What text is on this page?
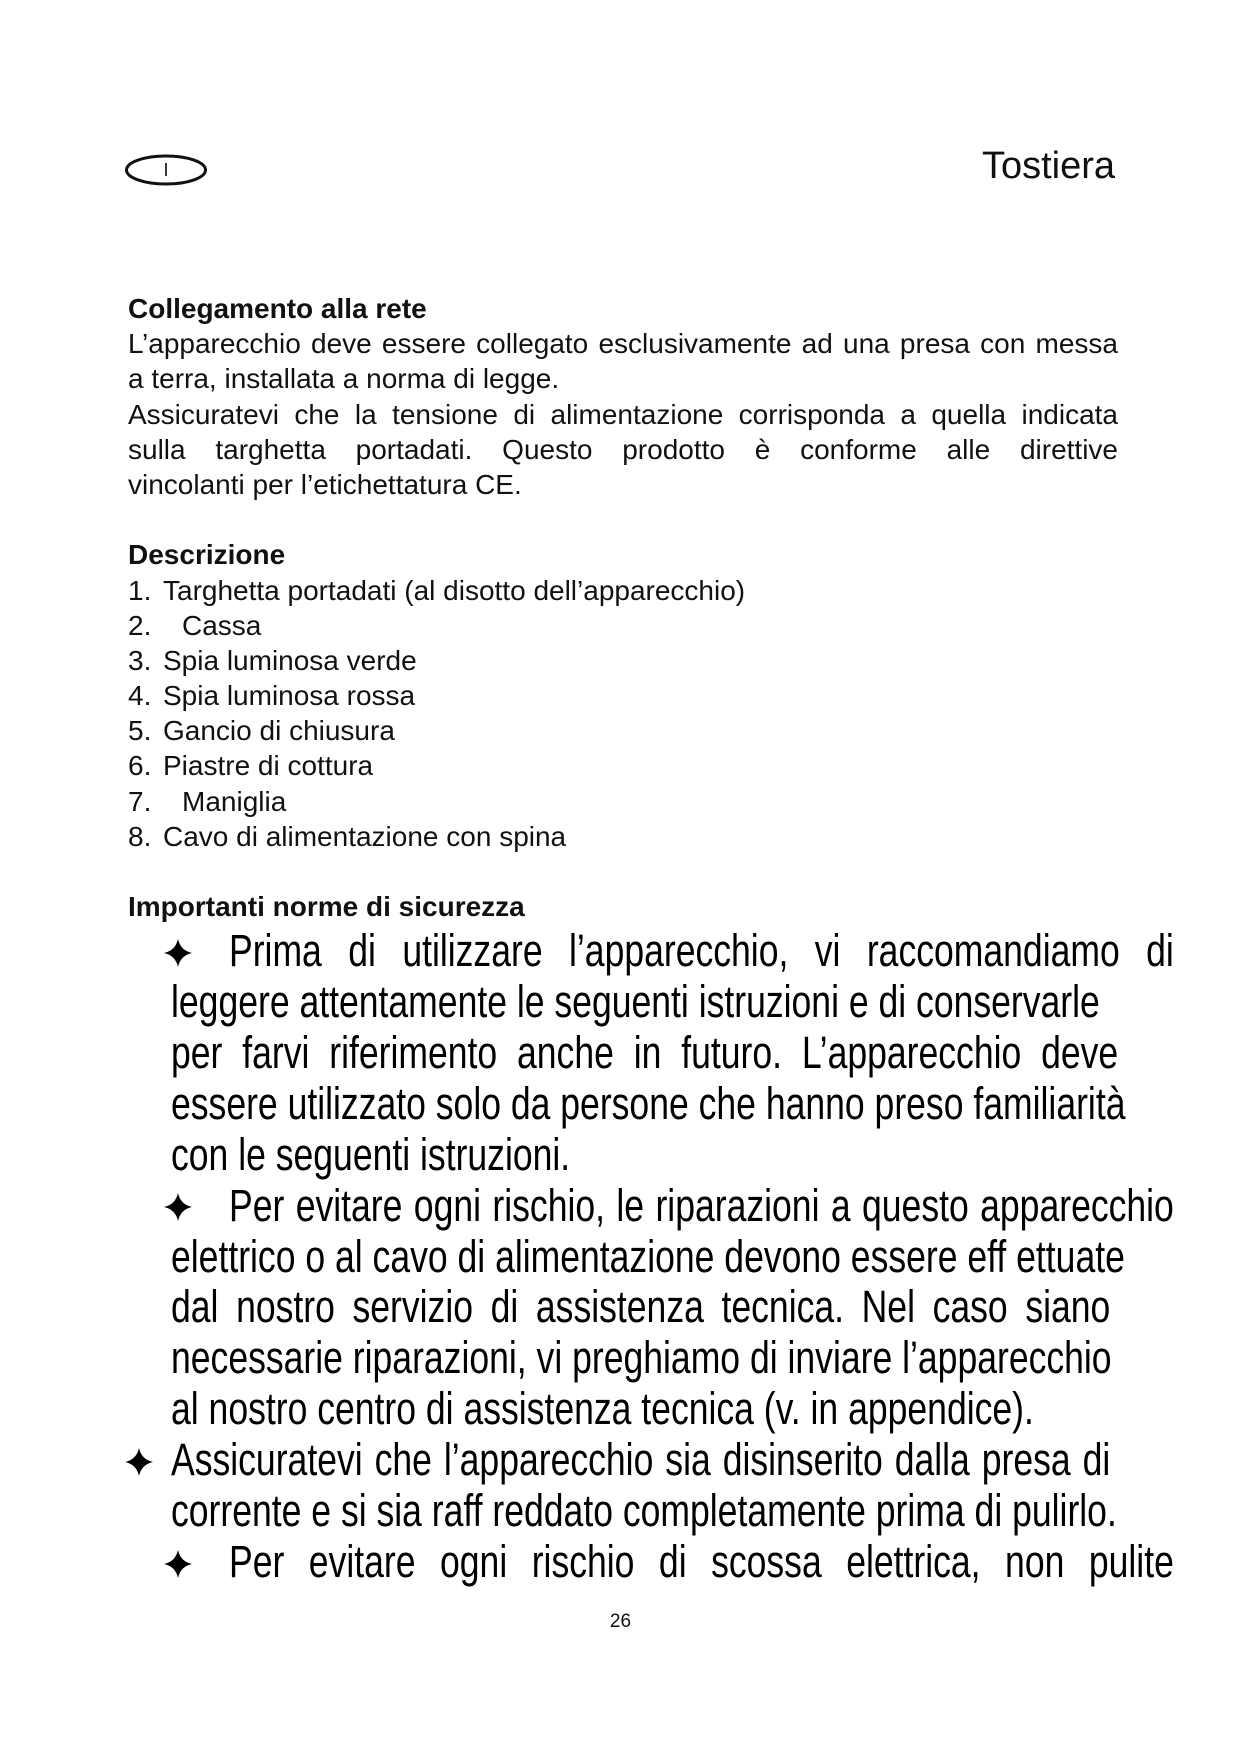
I	Tostiera
Collegamento alla rete
L’apparecchio deve essere collegato esclusivamente ad una presa con messa
a terra, installata a norma di legge.
Assicuratevi che la tensione di alimentazione corrisponda a quella indicata
sulla targhetta portadati. Questo prodotto è conforme alle direttive
vincolanti per l’etichettatura CE.
Descrizione
1. Targhetta portadati (al disotto dell’apparecchio)
2. Cassa
3. Spia luminosa verde
4. Spia luminosa rossa
5. Gancio di chiusura
6. Piastre di cottura
7. Maniglia
8. Cavo di alimentazione con spina
Importanti norme di sicurezza
Prima di utilizzare l’apparecchio, vi raccomandiamo di
leggere attentamente le seguenti istruzioni e di conservarle
per farvi riferimento anche in futuro. L’apparecchio deve
essere utilizzato solo da persone che hanno preso familiarità
con le seguenti istruzioni.
Per evitare ogni rischio, le riparazioni a questo apparecchio
elettrico o al cavo di alimentazione devono essere eff ettuate
dal nostro servizio di assistenza tecnica. Nel caso siano
necessarie riparazioni, vi preghiamo di inviare l’apparecchio
al nostro centro di assistenza tecnica (v. in appendice).
Assicuratevi che l’apparecchio sia disinserito dalla presa di
corrente e si sia raff reddato completamente prima di pulirlo.
Per evitare ogni rischio di scossa elettrica, non pulite
26
